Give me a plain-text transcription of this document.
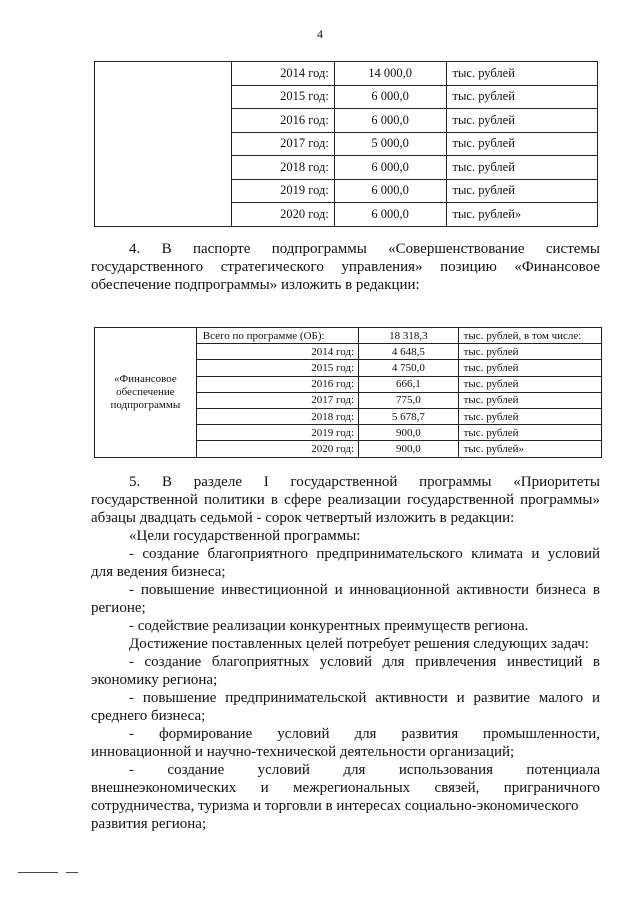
4
	2014 год:	14 000,0	тыс. рублей
	2015 год:	6 000,0	тыс. рублей
	2016 год:	6 000,0	тыс. рублей
	2017 год:	5 000,0	тыс. рублей
	2018 год:	6 000,0	тыс. рублей
	2019 год:	6 000,0	тыс. рублей
	2020 год:	6 000,0	тыс. рублей»
4. В паспорте подпрограммы «Совершенствование системы
государственного стратегического управления» позицию «Финансовое
обеспечение подпрограммы» изложить в редакции:
«Финансовое обеспечение подпрограммы	Всего по программе (ОБ):	18 318,3	тыс. рублей, в том числе:
	2014 год:	4 648,5	тыс. рублей
	2015 год:	4 750,0	тыс. рублей
	2016 год:	666,1	тыс. рублей
	2017 год:	775,0	тыс. рублей
	2018 год:	5 678,7	тыс. рублей
	2019 год:	900,0	тыс. рублей
	2020 год:	900,0	тыс. рублей»
5. В разделе I государственной программы «Приоритеты
государственной политики в сфере реализации государственной программы»
абзацы двадцать седьмой - сорок четвертый изложить в редакции:
«Цели государственной программы:
- создание благоприятного предпринимательского климата и условий
для ведения бизнеса;
- повышение инвестиционной и инновационной активности бизнеса в
регионе;
- содействие реализации конкурентных преимуществ региона.
Достижение поставленных целей потребует решения следующих задач:
- создание благоприятных условий для привлечения инвестиций в
экономику региона;
- повышение предпринимательской активности и развитие малого и
среднего бизнеса;
- формирование условий для развития промышленности,
инновационной и научно-технической деятельности организаций;
- создание условий для использования потенциала
внешнеэкономических и межрегиональных связей, приграничного
сотрудничества, туризма и торговли в интересах социально-экономического
развития региона;
